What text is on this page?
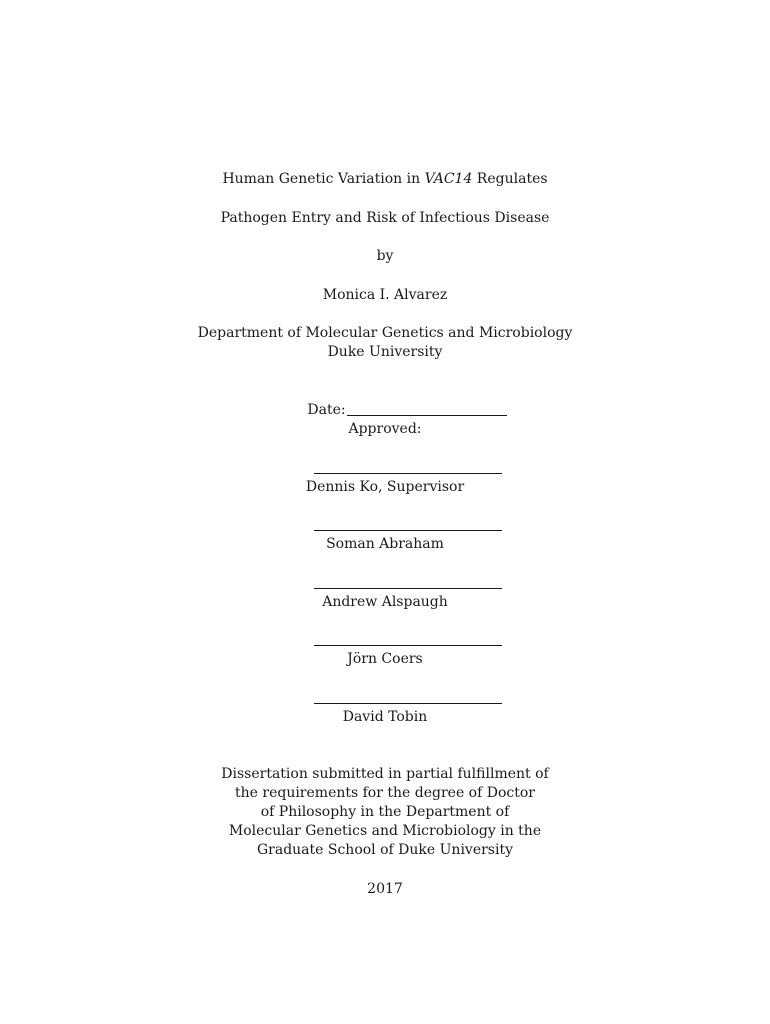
Human Genetic Variation in VAC14 Regulates
Pathogen Entry and Risk of Infectious Disease
by
Monica I. Alvarez
Department of Molecular Genetics and Microbiology
Duke University
Date:
Approved:
Dennis Ko, Supervisor
Soman Abraham
Andrew Alspaugh
Jörn Coers
David Tobin
Dissertation submitted in partial fulfillment of
the requirements for the degree of Doctor
of Philosophy in the Department of
Molecular Genetics and Microbiology in the
Graduate School of Duke University
2017
